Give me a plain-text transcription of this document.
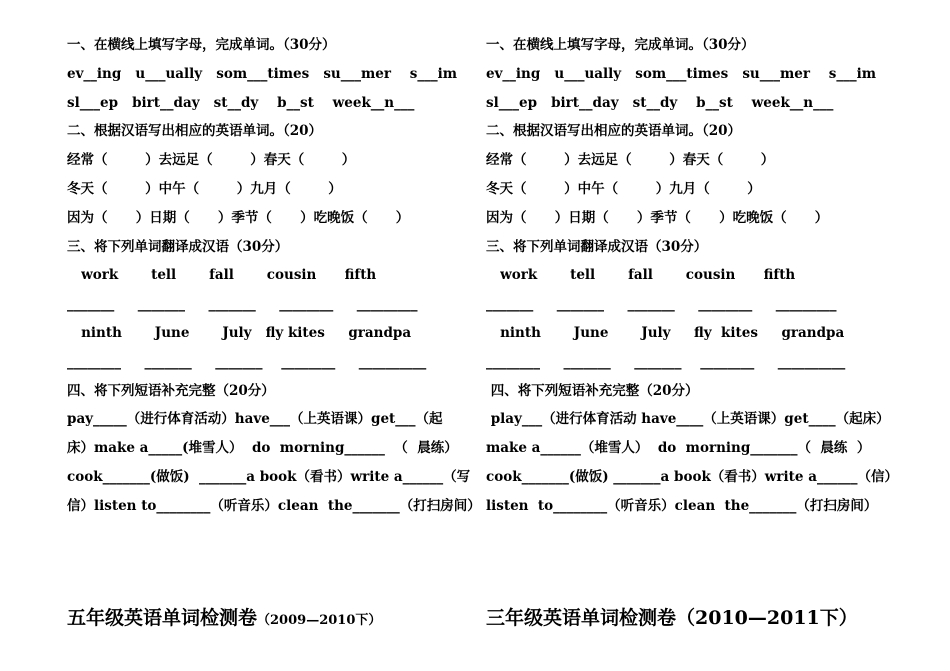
一、在横线上填写字母，完成单词。（30分）
ev__ing   u___ually   som___times   su___mer    s___im
sl___ep   birt__day   st__dy    b__st    week__n___
二、根据汉语写出相应的英语单词。（20）
经常（        ）去远足（        ）春天（        ）
冬天（        ）中午（        ）九月（        ）
因为（      ）日期（      ）季节（      ）吃晚饭（      ）
三、将下列单词翻译成汉语（30分）
work       tell       fall       cousin      fifth
_______     _______     _______     ________     _________
ninth       June       July   fly kites     grandpa
________     _______     _______    ________     __________
四、将下列短语补充完整（20分）
pay_____（进行体育活动）have___（上英语课）get___（起
床）make a_____(堆雪人）  do  morning______  （  晨练）
cook_______(做饭)  _______a book（看书）write a______（写
信）listen to________（听音乐）clean  the_______（打扫房间）
一、在横线上填写字母，完成单词。（30分）
ev__ing   u___ually   som___times   su___mer    s___im
sl___ep   birt__day   st__dy    b__st    week__n___
二、根据汉语写出相应的英语单词。（20）
经常（        ）去远足（        ）春天（        ）
冬天（        ）中午（        ）九月（        ）
因为（      ）日期（      ）季节（      ）吃晚饭（      ）
三、将下列单词翻译成汉语（30分）
work       tell       fall       cousin      fifth
_______     _______     _______     ________     _________
ninth       June       July     fly  kites     grandpa
________     _______     _______    ________     __________
四、将下列短语补充完整（20分）
play___（进行体育活动 have____（上英语课）get____（起床）
make a______（堆雪人）  do  morning_______（  晨练  ）
cook_______(做饭) _______a book（看书）write a______（信）
listen  to________（听音乐）clean  the_______（打扫房间）
五年级英语单词检测卷（2009—2010下）	三年级英语单词检测卷（2010—2011下）
